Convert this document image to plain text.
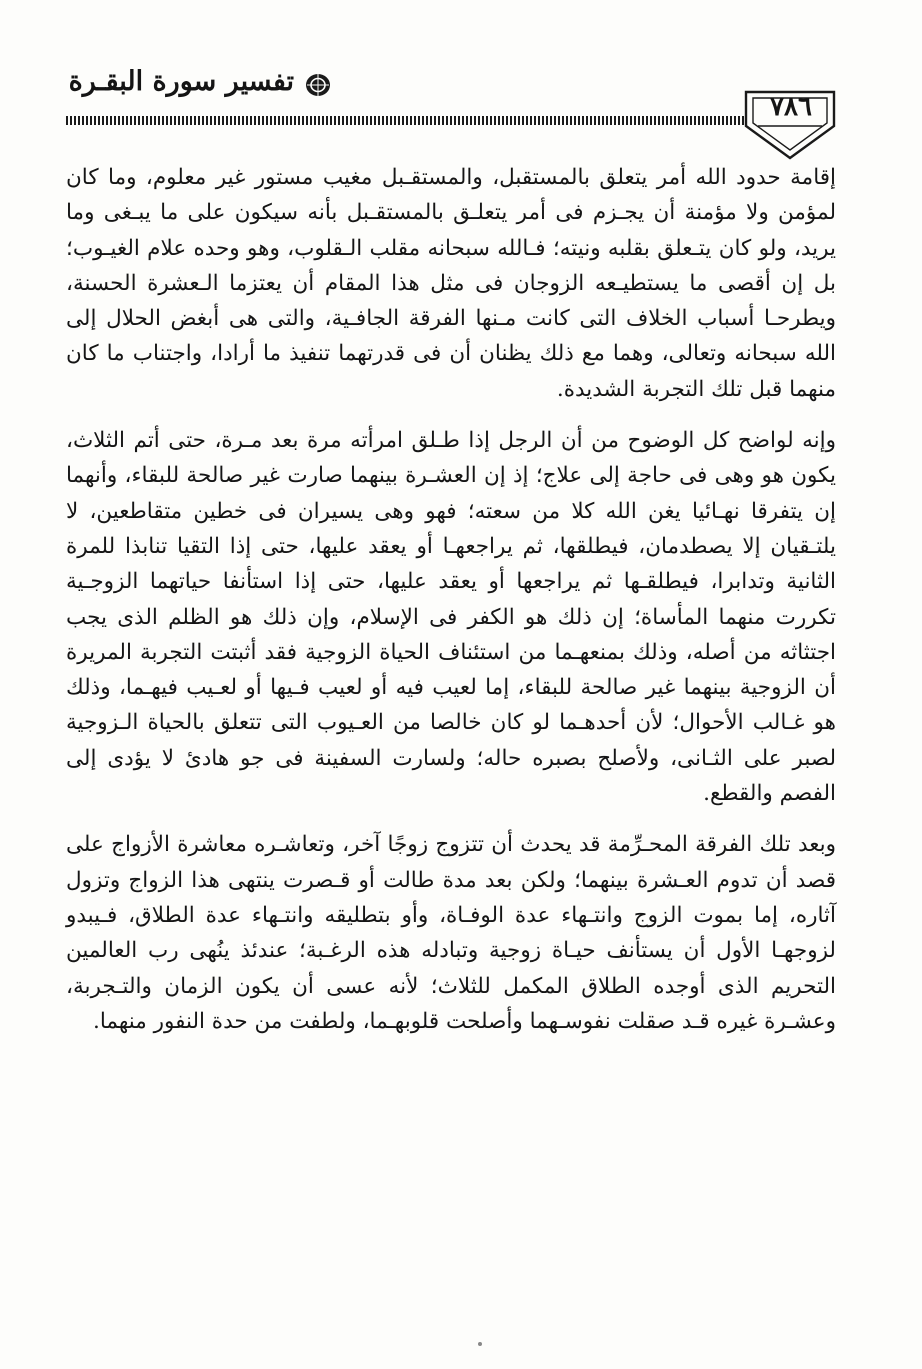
تفسير سورة البقـرة
٧٨٦

إقامة حدود الله أمر يتعلق بالمستقبل، والمستقـبل مغيب مستور غير معلوم، وما كان لمؤمن ولا مؤمنة أن يجـزم فى أمر يتعلـق بالمستقـبل بأنه سيكون على ما يبـغى وما يريد، ولو كان يتـعلق بقلبه ونيته؛ فـالله سبحانه مقلب الـقلوب، وهو وحده علام الغيـوب؛ بل إن أقصى ما يستطيـعه الزوجان فى مثل هذا المقام أن يعتزما الـعشرة الحسنة، ويطرحـا أسباب الخلاف التى كانت مـنها الفرقة الجافـية، والتى هى أبغض الحلال إلى الله سبحانه وتعالى، وهما مع ذلك يظنان أن فى قدرتهما تنفيذ ما أرادا، واجتناب ما كان منهما قبل تلك التجربة الشديدة.

وإنه لواضح كل الوضوح من أن الرجل إذا طـلق امرأته مرة بعد مـرة، حتى أتم الثلاث، يكون هو وهى فى حاجة إلى علاج؛ إذ إن العشـرة بينهما صارت غير صالحة للبقاء، وأنهما إن يتفرقا نهـائيا يغن الله كلا من سعته؛ فهو وهى يسيران فى خطين متقاطعين، لا يلتـقيان إلا يصطدمان، فيطلقها، ثم يراجعهـا أو يعقد عليها، حتى إذا التقيا تنابذا للمرة الثانية وتدابرا، فيطلقـها ثم يراجعها أو يعقد عليها، حتى إذا استأنفا حياتهما الزوجـية تكررت منهما المأساة؛ إن ذلك هو الكفر فى الإسلام، وإن ذلك هو الظلم الذى يجب اجتثاثه من أصله، وذلك بمنعهـما من استئناف الحياة الزوجية فقد أثبتت التجربة المريرة أن الزوجية بينهما غير صالحة للبقاء، إما لعيب فيه أو لعيب فـيها أو لعـيب فيهـما، وذلك هو غـالب الأحوال؛ لأن أحدهـما لو كان خالصا من العـيوب التى تتعلق بالحياة الـزوجية لصبر على الثـانى، ولأصلح بصبره حاله؛ ولسارت السفينة فى جو هادئ لا يؤدى إلى الفصم والقطع.

وبعد تلك الفرقة المحـرِّمة قد يحدث أن تتزوج زوجًا آخر، وتعاشـره معاشرة الأزواج على قصد أن تدوم العـشرة بينهما؛ ولكن بعد مدة طالت أو قـصرت ينتهى هذا الزواج وتزول آثاره، إما بموت الزوج وانتـهاء عدة الوفـاة، وأو بتطليقه وانتـهاء عدة الطلاق، فـيبدو لزوجهـا الأول أن يستأنف حيـاة زوجية وتبادله هذه الرغـبة؛ عندئذ ينُهى رب العالمين التحريم الذى أوجده الطلاق المكمل للثلاث؛ لأنه عسى أن يكون الزمان والتـجربة، وعشـرة غيره قـد صقلت نفوسـهما وأصلحت قلوبهـما، ولطفت من حدة النفور منهما.
